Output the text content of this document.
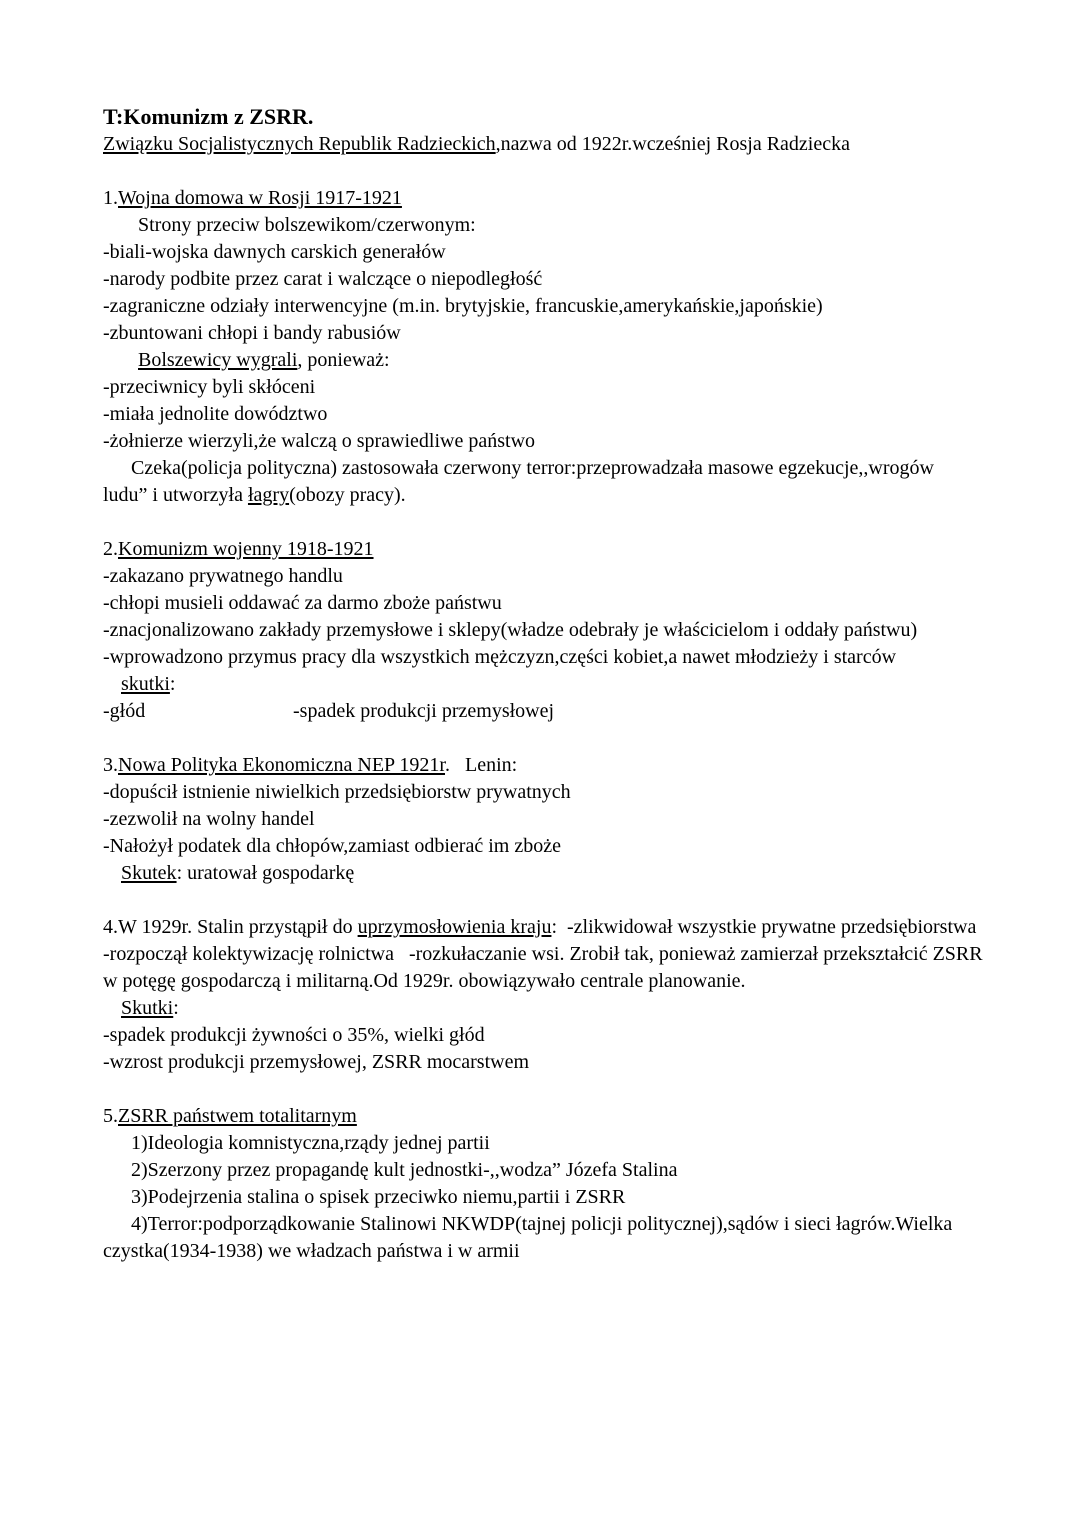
T:Komunizm z ZSRR.

Związku Socjalistycznych Republik Radzieckich,nazwa od 1922r.wcześniej Rosja Radziecka

1.Wojna domowa w Rosji 1917-1921

Strony przeciw bolszewikom/czerwonym:

-biali-wojska dawnych carskich generałów

-narody podbite przez carat i walczące o niepodległość

-zagraniczne odziały interwencyjne (m.in. brytyjskie, francuskie,amerykańskie,japońskie)

-zbuntowani chłopi i bandy rabusiów

Bolszewicy wygrali, ponieważ:

-przeciwnicy byli skłóceni

-miała jednolite dowództwo

-żołnierze wierzyli,że walczą o sprawiedliwe państwo

Czeka(policja polityczna) zastosowała czerwony terror:przeprowadzała masowe egzekucje,,wrogów ludu” i utworzyła łagry(obozy pracy).

2.Komunizm wojenny 1918-1921

-zakazano prywatnego handlu

-chłopi musieli oddawać za darmo zboże państwu

-znacjonalizowano zakłady przemysłowe i sklepy(władze odebrały je właścicielom i oddały państwu)

-wprowadzono przymus pracy dla wszystkich mężczyzn,części kobiet,a nawet młodzieży i starców

skutki:

-głód	-spadek produkcji przemysłowej

3.Nowa Polityka Ekonomiczna NEP 1921r.   Lenin:

-dopuścił istnienie niwielkich przedsiębiorstw prywatnych

-zezwolił na wolny handel

-Nałożył podatek dla chłopów,zamiast odbierać im zboże

Skutek: uratował gospodarkę

4.W 1929r. Stalin przystąpił do uprzymosłowienia kraju:  -zlikwidował wszystkie prywatne przedsiębiorstwa   -rozpoczął kolektywizację rolnictwa   -rozkułaczanie wsi. Zrobił tak, ponieważ zamierzał przekształcić ZSRR w potęgę gospodarczą i militarną.Od 1929r. obowiązywało centrale planowanie.

Skutki:

-spadek produkcji żywności o 35%, wielki głód

-wzrost produkcji przemysłowej, ZSRR mocarstwem

5.ZSRR państwem totalitarnym

1)Ideologia komnistyczna,rządy jednej partii

2)Szerzony przez propagandę kult jednostki-,,wodza” Józefa Stalina

3)Podejrzenia stalina o spisek przeciwko niemu,partii i ZSRR

4)Terror:podporządkowanie Stalinowi NKWDP(tajnej policji politycznej),sądów i sieci łagrów.Wielka czystka(1934-1938) we władzach państwa i w armii
